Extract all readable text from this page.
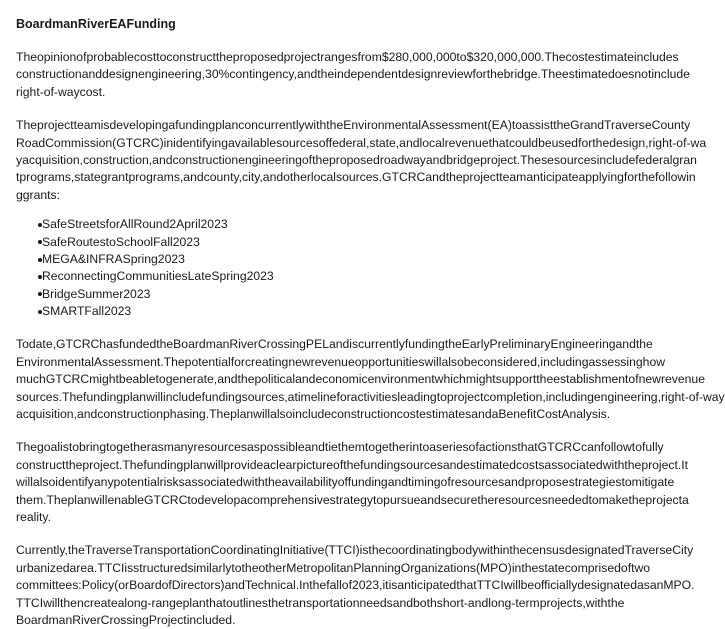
BoardmanRiverEAFunding
Theopinionofprobablecosttoconstructtheproposedprojectrangesfrom$280,000,000to$320,000,000.Thecostestimateincludes
constructionanddesignengineering,30%contingency,andtheindependentdesignreviewforthebridge.Theestimatedoesnotinclude
right-of-waycost.
Theprojectteamisdevelopingafundingplanconcurrentlywiththe​EnvironmentalAssessment(EA)toassisttheGrandTraverseCounty
RoadCommission(GTCRC)inidentifyingavailablesourcesoffederal,state,andlocalrevenuethatcouldbeusedforthedesign,right-of-wa
yacquisition,construction,andconstructionengineeringoftheproposedroadwayandbridgeproject.Thesesourcesincludefederalgran
tprograms,stategrantprograms,andcounty,city,andotherlocalsources.GTCRCandtheprojectteamanticipateapplyingforthefollowin
ggrants:
SafeStreetsforAllRound2April2023
SafeRoutestoSchoolFall2023
MEGA&INFRASpring2023
ReconnectingCommunitiesLateSpring2023
BridgeSummer2023
SMARTFall2023
Todate,GTCRChasfundedtheBoardmanRiverCrossingPELandiscurrentlyfundingtheEarlyPreliminaryEngineeringandthe
EnvironmentalAssessment.Thepotentialforcreatingnewrevenueopportunitieswillalsobeconsidered,includingassessinghow
muchGTCRCmightbeabletogenerate,andthepoliticalandeconomicenvironmentwhichmightsupporttheestablishmentofnewrevenue
sources.Thefundingplanwillincludefundingsources,atimelineforactivitiesleadingtoprojectcompletion,includingengineering,right-of-way
acquisition,andconstructionphasing.Theplanwillalsoincludeconstructioncostestimatesanda​BenefitCostAnalysis.
Thegoalistobringtogetherasmanyresourcesaspossibleandtiethemtogetherintoaseriesofactionsthat​GTCRCcanfollowtofully
constructtheproject.Thefundingplanwillprovideaclearpictureofthefundingsourcesandestimatedcostsassociatedwiththeproject.It
willalsoidentifyanypotentialrisksassociatedwiththeavailabilityoffundingandtimingofresourcesandproposestrategiestomitigate
them.Theplanwillenable​GTCRCtodevelopacomprehensivestrategytopursueandsecuretheresourcesneededtomaketheprojecta
reality.
Currently,theTraverseTransportationCoordinatingInitiative(TTCI)isthecoordinatingbodywithinthecensusdesignatedTraverseCity
urbanizedarea.TTCIisstructuredsimilarlytotheotherMetropolitanPlanningOrganizations(MPO)inthestatecomprisedoftwo
committees:Policy(orBoardofDirectors)andTechnical.Inthefallof2023,itisanticipatedthatTTCIwillbeofficiallydesignatedasanMPO.
TTCIwillthencreatealong-rangeplanthatoutlinesthetransportationneedsandbothshort-andlong-termprojects,withthe
BoardmanRiverCrossingProjectincluded.
